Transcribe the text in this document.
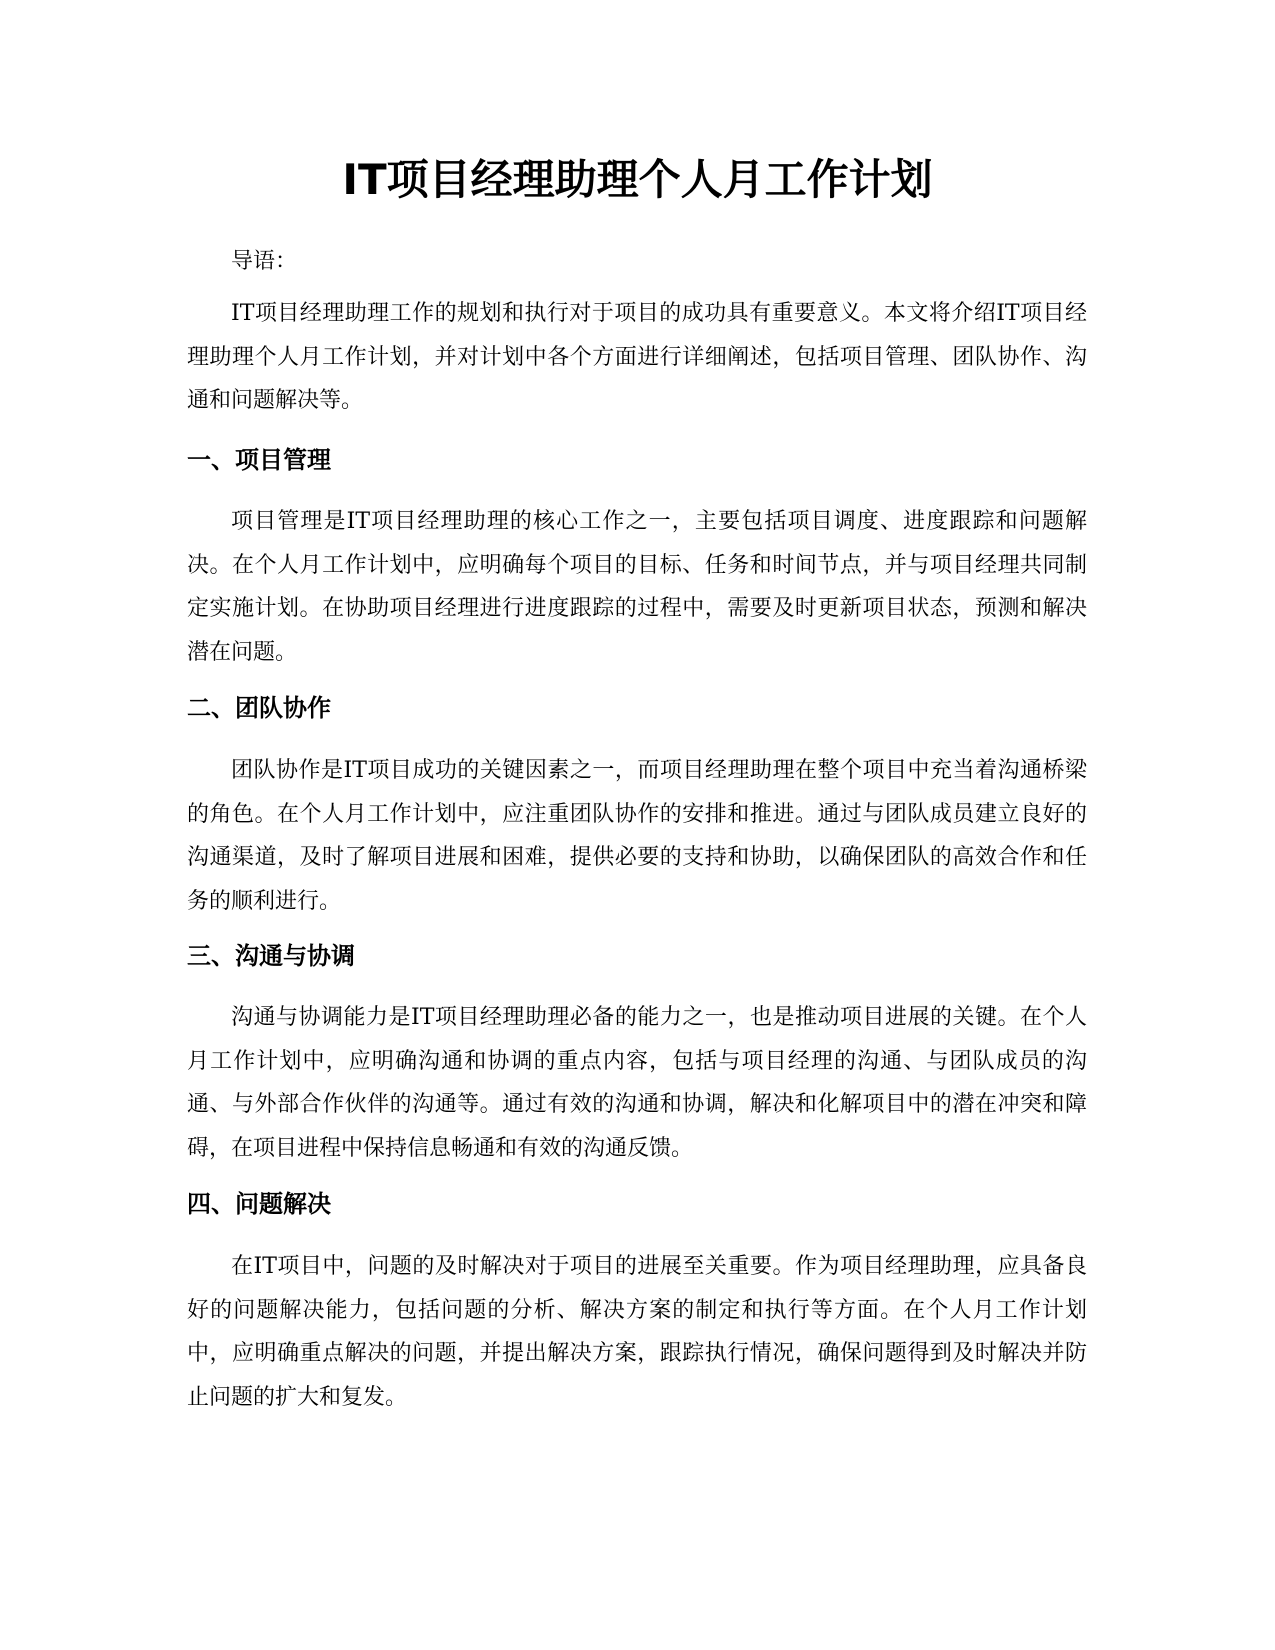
IT项目经理助理个人月工作计划

导语：

IT项目经理助理工作的规划和执行对于项目的成功具有重要意义。本文将介绍IT项目经理助理个人月工作计划，并对计划中各个方面进行详细阐述，包括项目管理、团队协作、沟通和问题解决等。

一、项目管理

项目管理是IT项目经理助理的核心工作之一，主要包括项目调度、进度跟踪和问题解决。在个人月工作计划中，应明确每个项目的目标、任务和时间节点，并与项目经理共同制定实施计划。在协助项目经理进行进度跟踪的过程中，需要及时更新项目状态，预测和解决潜在问题。

二、团队协作

团队协作是IT项目成功的关键因素之一，而项目经理助理在整个项目中充当着沟通桥梁的角色。在个人月工作计划中，应注重团队协作的安排和推进。通过与团队成员建立良好的沟通渠道，及时了解项目进展和困难，提供必要的支持和协助，以确保团队的高效合作和任务的顺利进行。

三、沟通与协调

沟通与协调能力是IT项目经理助理必备的能力之一，也是推动项目进展的关键。在个人月工作计划中，应明确沟通和协调的重点内容，包括与项目经理的沟通、与团队成员的沟通、与外部合作伙伴的沟通等。通过有效的沟通和协调，解决和化解项目中的潜在冲突和障碍，在项目进程中保持信息畅通和有效的沟通反馈。

四、问题解决

在IT项目中，问题的及时解决对于项目的进展至关重要。作为项目经理助理，应具备良好的问题解决能力，包括问题的分析、解决方案的制定和执行等方面。在个人月工作计划中，应明确重点解决的问题，并提出解决方案，跟踪执行情况，确保问题得到及时解决并防止问题的扩大和复发。
